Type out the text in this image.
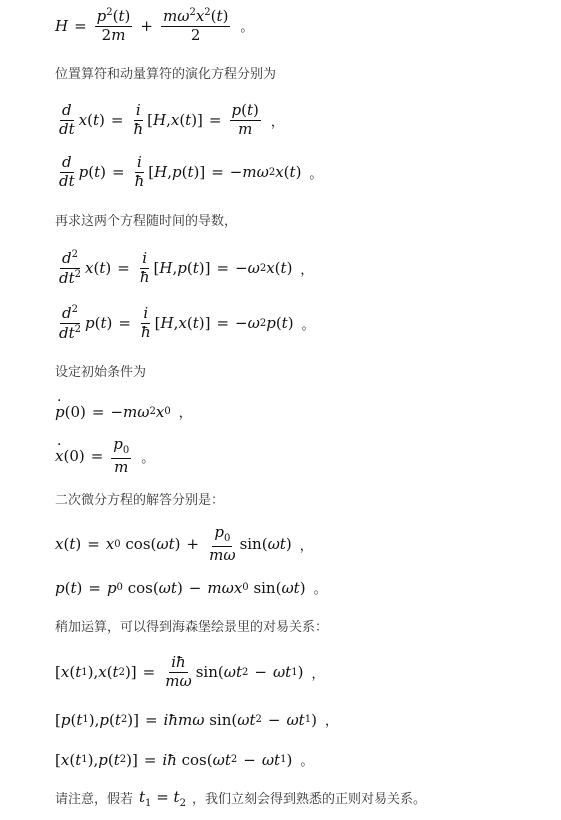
$H = \frac{p^2(t)}{2m} + \frac{m\omega^2x^2(t)}{2}$ 。
位置算符和动量算符的演化方程分别为
$\frac{d}{dt}$ x ( t ) = $\frac{i}{ħ}$ [ H , x ( t )] = $\frac{p(t)}{m}$ ，
$\frac{d}{dt}$ p ( t ) = $\frac{i}{ħ}$ [ H , p ( t )] = − mω 2 x ( t ) 。
再求这两个方程随时间的导数，
$\frac{d^2}{dt^2}$ x ( t ) = $\frac{i}{ħ}$ [ H , p ( t )] = − ω 2 x ( t ) ，
$\frac{d^2}{dt^2}$ p ( t ) = $\frac{i}{ħ}$ [ H , x ( t )] = − ω 2 p ( t ) 。
设定初始条件为
· p (0) = − mω 2 x 0 ，
· x $(0) = \frac{p_0}{m}$ 。
二次微分方程的解答分别是：
x ( t ) = x 0 cos( ωt ) + $\frac{p_0}{m\omega} \sin$( ωt ) ，
p ( t ) = p 0 cos( ωt ) − mωx 0 sin( ωt ) 。
稍加运算，可以得到海森堡绘景里的对易关系：
[ x ( t 1 ), x ( t 2 )] = $\frac{iħ}{m\omega} \sin$( ωt 2 − ωt 1 ) ，
[ p ( t 1 ), p ( t 2 )] = iħmω sin( ωt 2 − ωt 1 ) ，
[ x ( t 1 ), p ( t 2 )] = iħ cos( ωt 2 − ωt 1 ) 。
请注意，假若 $t_1 = t_2$ ，我们立刻会得到熟悉的正则对易关系。
